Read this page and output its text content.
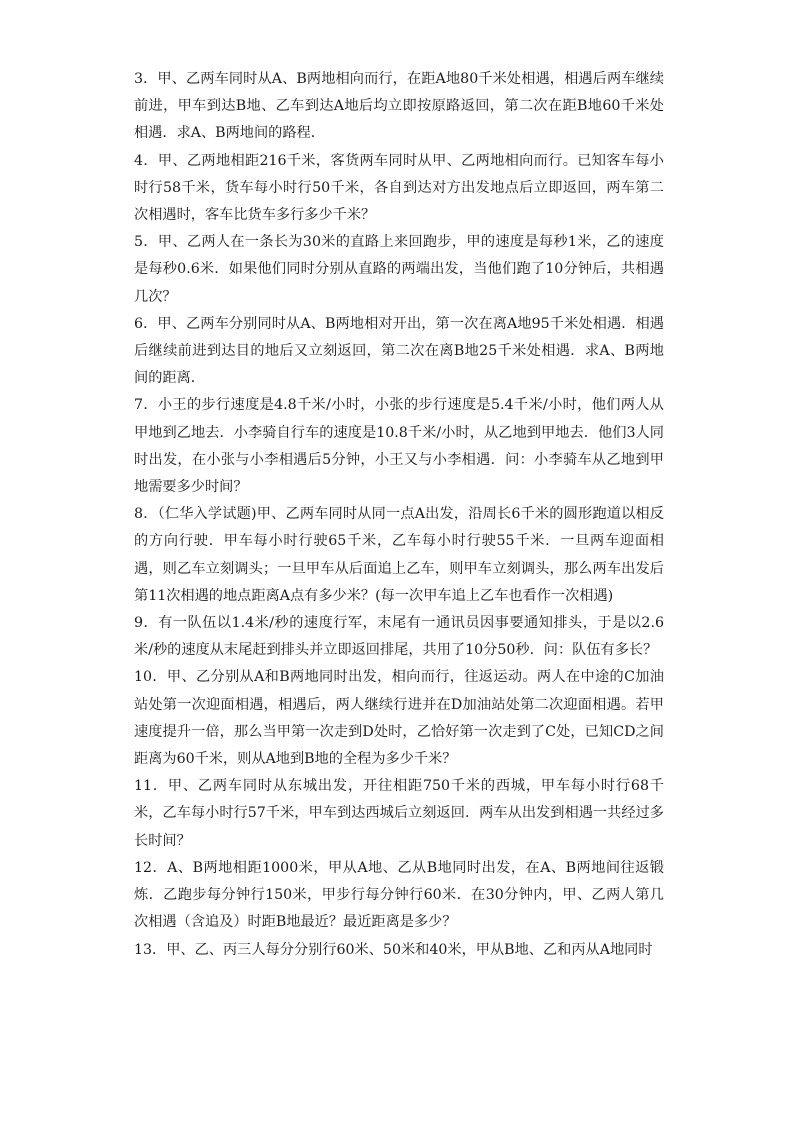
3．甲、乙两车同时从A、B两地相向而行，在距A地80千米处相遇，相遇后两车继续前进，甲车到达B地、乙车到达A地后均立即按原路返回，第二次在距B地60千米处相遇．求A、B两地间的路程．

4．甲、乙两地相距216千米，客货两车同时从甲、乙两地相向而行。已知客车每小时行58千米，货车每小时行50千米，各自到达对方出发地点后立即返回，两车第二次相遇时，客车比货车多行多少千米？

5．甲、乙两人在一条长为30米的直路上来回跑步，甲的速度是每秒1米，乙的速度是每秒0.6米．如果他们同时分别从直路的两端出发，当他们跑了10分钟后，共相遇几次？

6．甲、乙两车分别同时从A、B两地相对开出，第一次在离A地95千米处相遇．相遇后继续前进到达目的地后又立刻返回，第二次在离B地25千米处相遇．求A、B两地间的距离．

7．小王的步行速度是4.8千米/小时，小张的步行速度是5.4千米/小时，他们两人从甲地到乙地去．小李骑自行车的速度是10.8千米/小时，从乙地到甲地去．他们3人同时出发，在小张与小李相遇后5分钟，小王又与小李相遇．问：小李骑车从乙地到甲地需要多少时间？

8．（仁华入学试题)甲、乙两车同时从同一点A出发，沿周长6千米的圆形跑道以相反的方向行驶．甲车每小时行驶65千米，乙车每小时行驶55千米．一旦两车迎面相遇，则乙车立刻调头；一旦甲车从后面追上乙车，则甲车立刻调头，那么两车出发后第11次相遇的地点距离A点有多少米？(每一次甲车追上乙车也看作一次相遇)

9．有一队伍以1.4米/秒的速度行军，末尾有一通讯员因事要通知排头，于是以2.6米/秒的速度从末尾赶到排头并立即返回排尾，共用了10分50秒．问：队伍有多长？

10．甲、乙分别从A和B两地同时出发，相向而行，往返运动。两人在中途的C加油站处第一次迎面相遇，相遇后，两人继续行进并在D加油站处第二次迎面相遇。若甲速度提升一倍，那么当甲第一次走到D处时，乙恰好第一次走到了C处，已知CD之间距离为60千米，则从A地到B地的全程为多少千米？

11．甲、乙两车同时从东城出发，开往相距750千米的西城，甲车每小时行68千米，乙车每小时行57千米，甲车到达西城后立刻返回．两车从出发到相遇一共经过多长时间？

12．A、B两地相距1000米，甲从A地、乙从B地同时出发，在A、B两地间往返锻炼．乙跑步每分钟行150米，甲步行每分钟行60米．在30分钟内，甲、乙两人第几次相遇（含追及）时距B地最近？最近距离是多少？

13．甲、乙、丙三人每分分别行60米、50米和40米，甲从B地、乙和丙从A地同时
